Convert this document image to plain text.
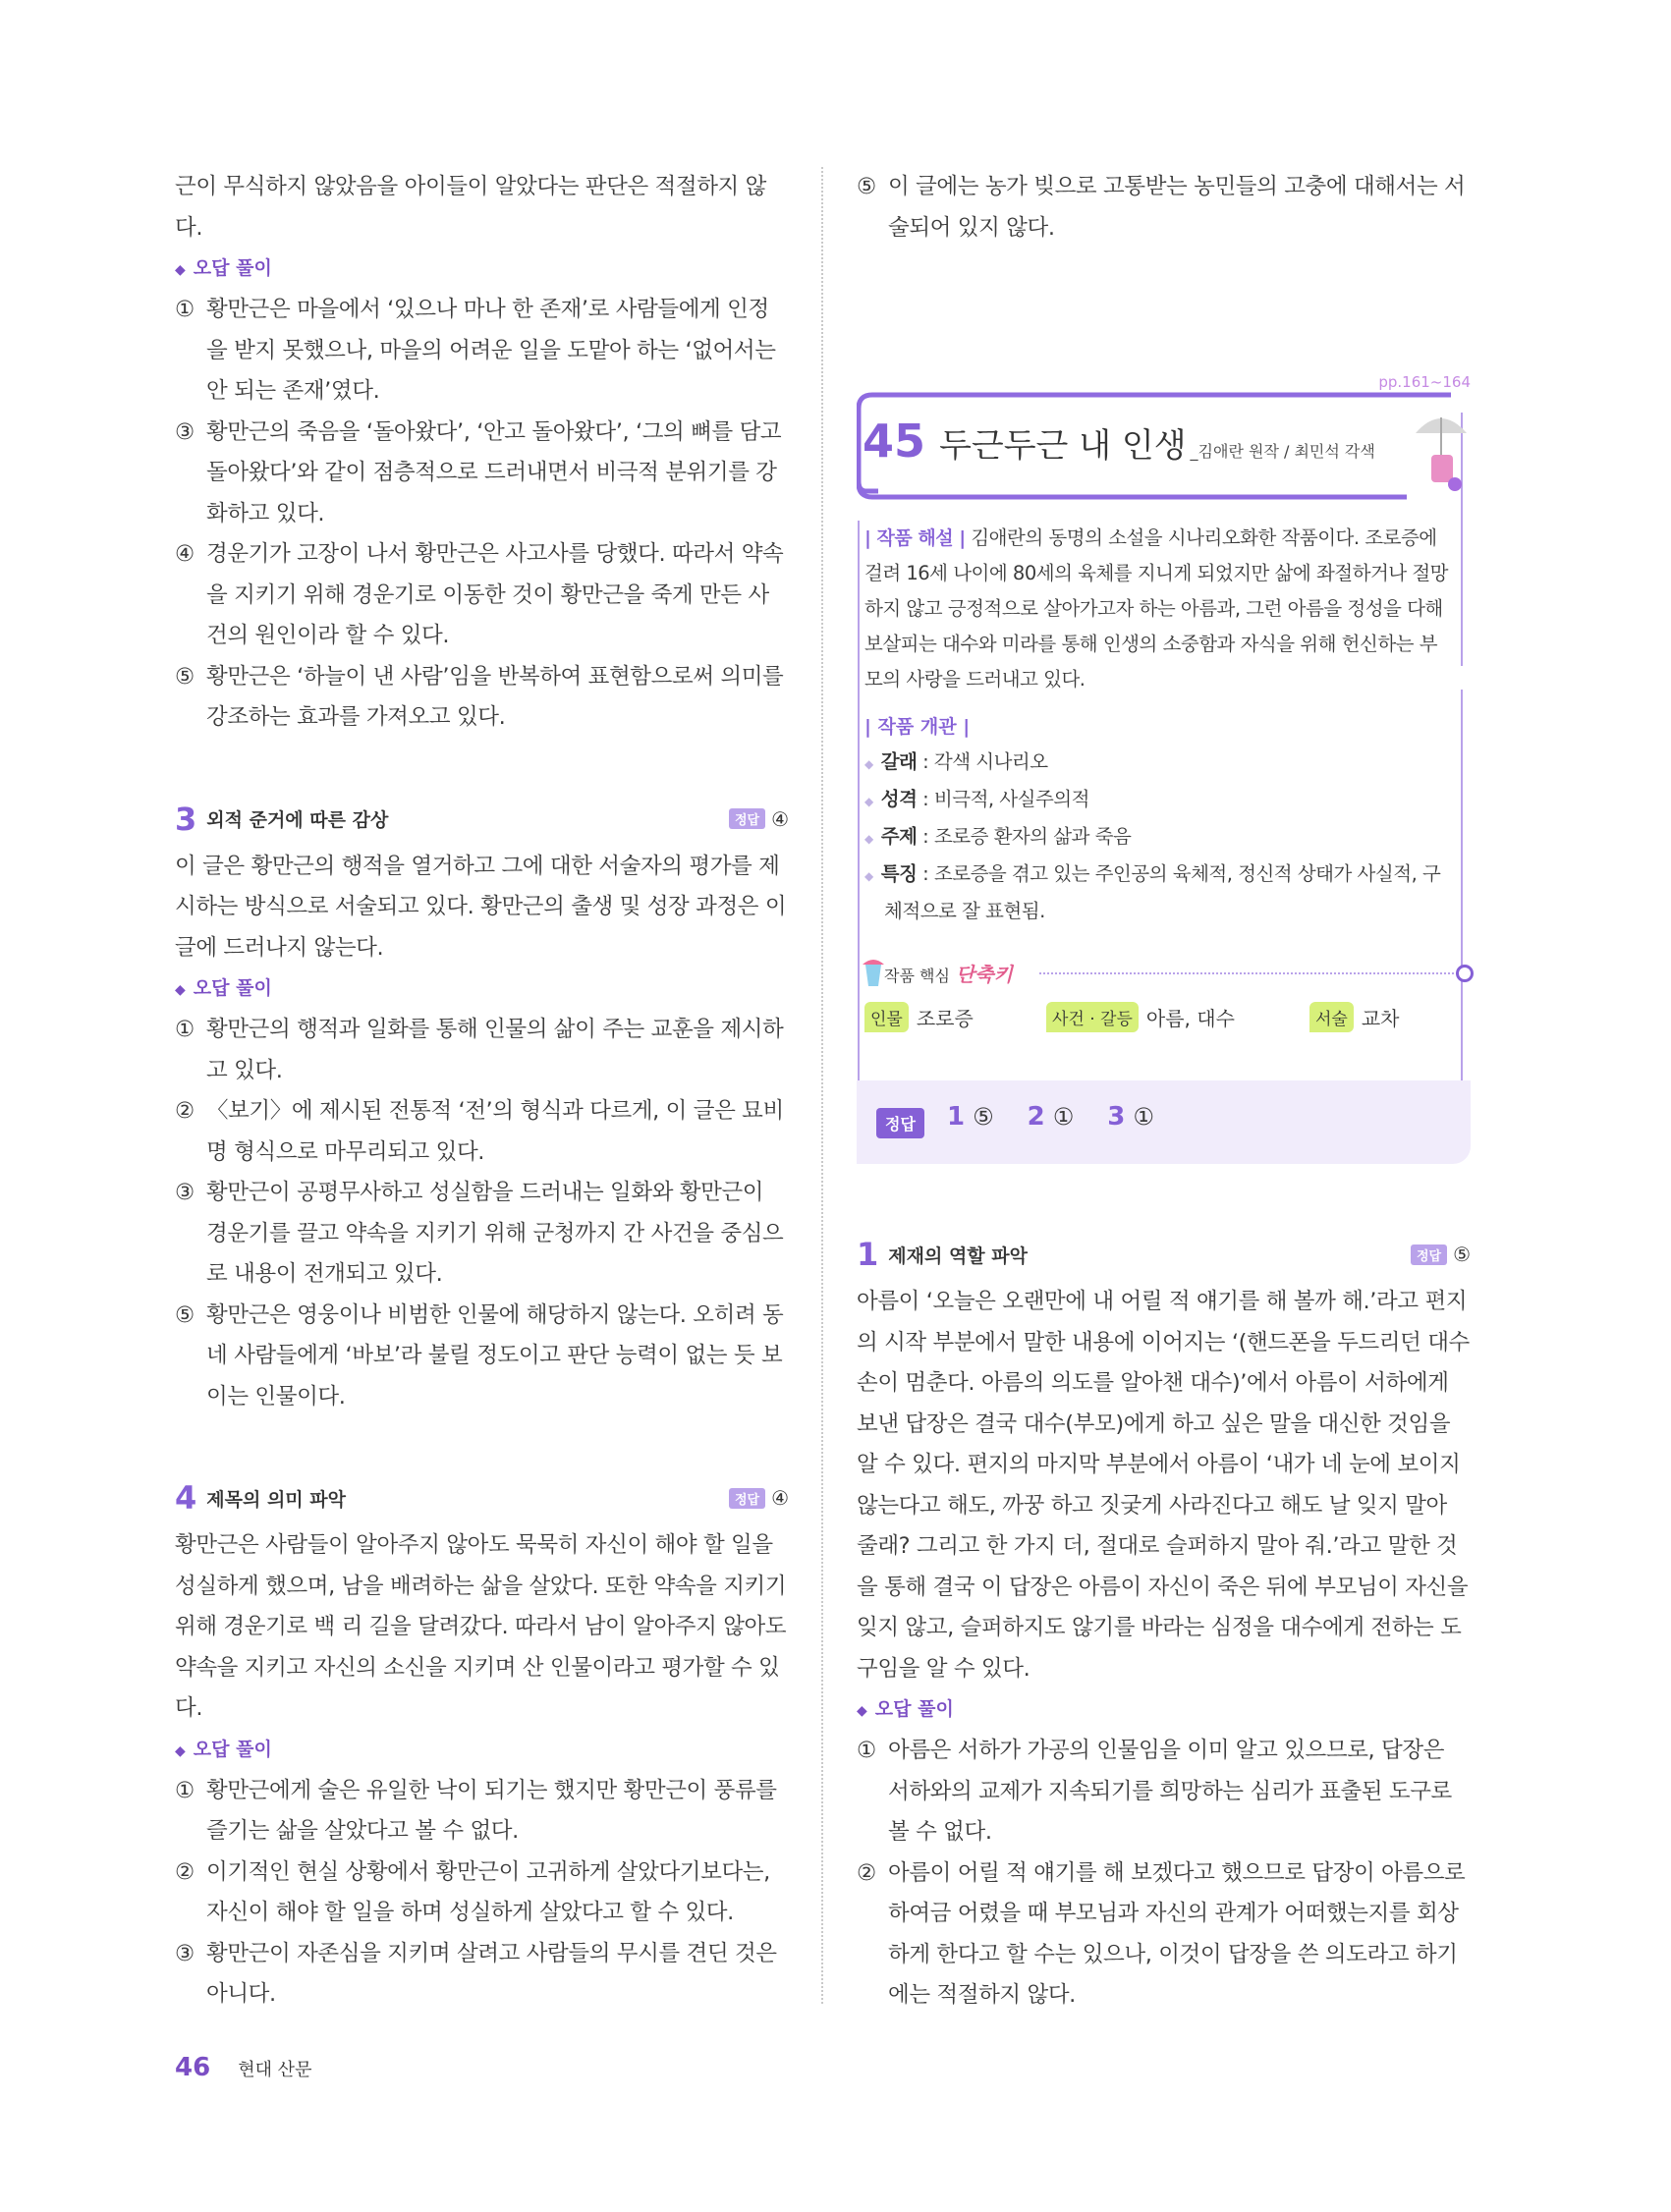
근이 무식하지 않았음을 아이들이 알았다는 판단은 적절하지 않다.

◆ 오답 풀이
① 황만근은 마을에서 ‘있으나 마나 한 존재’로 사람들에게 인정을 받지 못했으나, 마을의 어려운 일을 도맡아 하는 ‘없어서는 안 되는 존재’였다.
③ 황만근의 죽음을 ‘돌아왔다’, ‘안고 돌아왔다’, ‘그의 뼈를 담고 돌아왔다’와 같이 점층적으로 드러내면서 비극적 분위기를 강화하고 있다.
④ 경운기가 고장이 나서 황만근은 사고사를 당했다. 따라서 약속을 지키기 위해 경운기로 이동한 것이 황만근을 죽게 만든 사건의 원인이라 할 수 있다.
⑤ 황만근은 ‘하늘이 낸 사람’임을 반복하여 표현함으로써 의미를 강조하는 효과를 가져오고 있다.
3 외적 준거에 따른 감상	정답 ④

이 글은 황만근의 행적을 열거하고 그에 대한 서술자의 평가를 제시하는 방식으로 서술되고 있다. 황만근의 출생 및 성장 과정은 이 글에 드러나지 않는다.

◆ 오답 풀이
① 황만근의 행적과 일화를 통해 인물의 삶이 주는 교훈을 제시하고 있다.
② 〈보기〉에 제시된 전통적 ‘전’의 형식과 다르게, 이 글은 묘비명 형식으로 마무리되고 있다.
③ 황만근이 공평무사하고 성실함을 드러내는 일화와 황만근이 경운기를 끌고 약속을 지키기 위해 군청까지 간 사건을 중심으로 내용이 전개되고 있다.
⑤ 황만근은 영웅이나 비범한 인물에 해당하지 않는다. 오히려 동네 사람들에게 ‘바보’라 불릴 정도이고 판단 능력이 없는 듯 보이는 인물이다.
4 제목의 의미 파악	정답 ④

황만근은 사람들이 알아주지 않아도 묵묵히 자신이 해야 할 일을 성실하게 했으며, 남을 배려하는 삶을 살았다. 또한 약속을 지키기 위해 경운기로 백 리 길을 달려갔다. 따라서 남이 알아주지 않아도 약속을 지키고 자신의 소신을 지키며 산 인물이라고 평가할 수 있다.

◆ 오답 풀이
① 황만근에게 술은 유일한 낙이 되기는 했지만 황만근이 풍류를 즐기는 삶을 살았다고 볼 수 없다.
② 이기적인 현실 상황에서 황만근이 고귀하게 살았다기보다는, 자신이 해야 할 일을 하며 성실하게 살았다고 할 수 있다.
③ 황만근이 자존심을 지키며 살려고 사람들의 무시를 견딘 것은 아니다.
⑤ 이 글에는 농가 빚으로 고통받는 농민들의 고충에 대해서는 서술되어 있지 않다.
pp.161~164
45 두근두근 내 인생 _김애란 원작 / 최민석 각색

| 작품 해설 | 김애란의 동명의 소설을 시나리오화한 작품이다. 조로증에 걸려 16세 나이에 80세의 육체를 지니게 되었지만 삶에 좌절하거나 절망하지 않고 긍정적으로 살아가고자 하는 아름과, 그런 아름을 정성을 다해 보살피는 대수와 미라를 통해 인생의 소중함과 자식을 위해 헌신하는 부모의 사랑을 드러내고 있다.

| 작품 개관 |
◆ 갈래 : 각색 시나리오
◆ 성격 : 비극적, 사실주의적
◆ 주제 : 조로증 환자의 삶과 죽음
◆ 특징 : 조로증을 겪고 있는 주인공의 육체적, 정신적 상태가 사실적, 구체적으로 잘 표현됨.
작품 핵심 단축키
인물 조로증	사건 · 갈등 아름, 대수	서술 교차
정답	1 ⑤ 2 ① 3 ①
1 제재의 역할 파악	정답 ⑤

아름이 ‘오늘은 오랜만에 내 어릴 적 얘기를 해 볼까 해.’라고 편지의 시작 부분에서 말한 내용에 이어지는 ‘(핸드폰을 두드리던 대수 손이 멈춘다. 아름의 의도를 알아챈 대수)’에서 아름이 서하에게 보낸 답장은 결국 대수(부모)에게 하고 싶은 말을 대신한 것임을 알 수 있다. 편지의 마지막 부분에서 아름이 ‘내가 네 눈에 보이지 않는다고 해도, 까꿍 하고 짓궂게 사라진다고 해도 날 잊지 말아 줄래? 그리고 한 가지 더, 절대로 슬퍼하지 말아 줘.’라고 말한 것을 통해 결국 이 답장은 아름이 자신이 죽은 뒤에 부모님이 자신을 잊지 않고, 슬퍼하지도 않기를 바라는 심정을 대수에게 전하는 도구임을 알 수 있다.

◆ 오답 풀이
① 아름은 서하가 가공의 인물임을 이미 알고 있으므로, 답장은 서하와의 교제가 지속되기를 희망하는 심리가 표출된 도구로 볼 수 없다.
② 아름이 어릴 적 얘기를 해 보겠다고 했으므로 답장이 아름으로 하여금 어렸을 때 부모님과 자신의 관계가 어떠했는지를 회상하게 한다고 할 수는 있으나, 이것이 답장을 쓴 의도라고 하기에는 적절하지 않다.
46 현대 산문
